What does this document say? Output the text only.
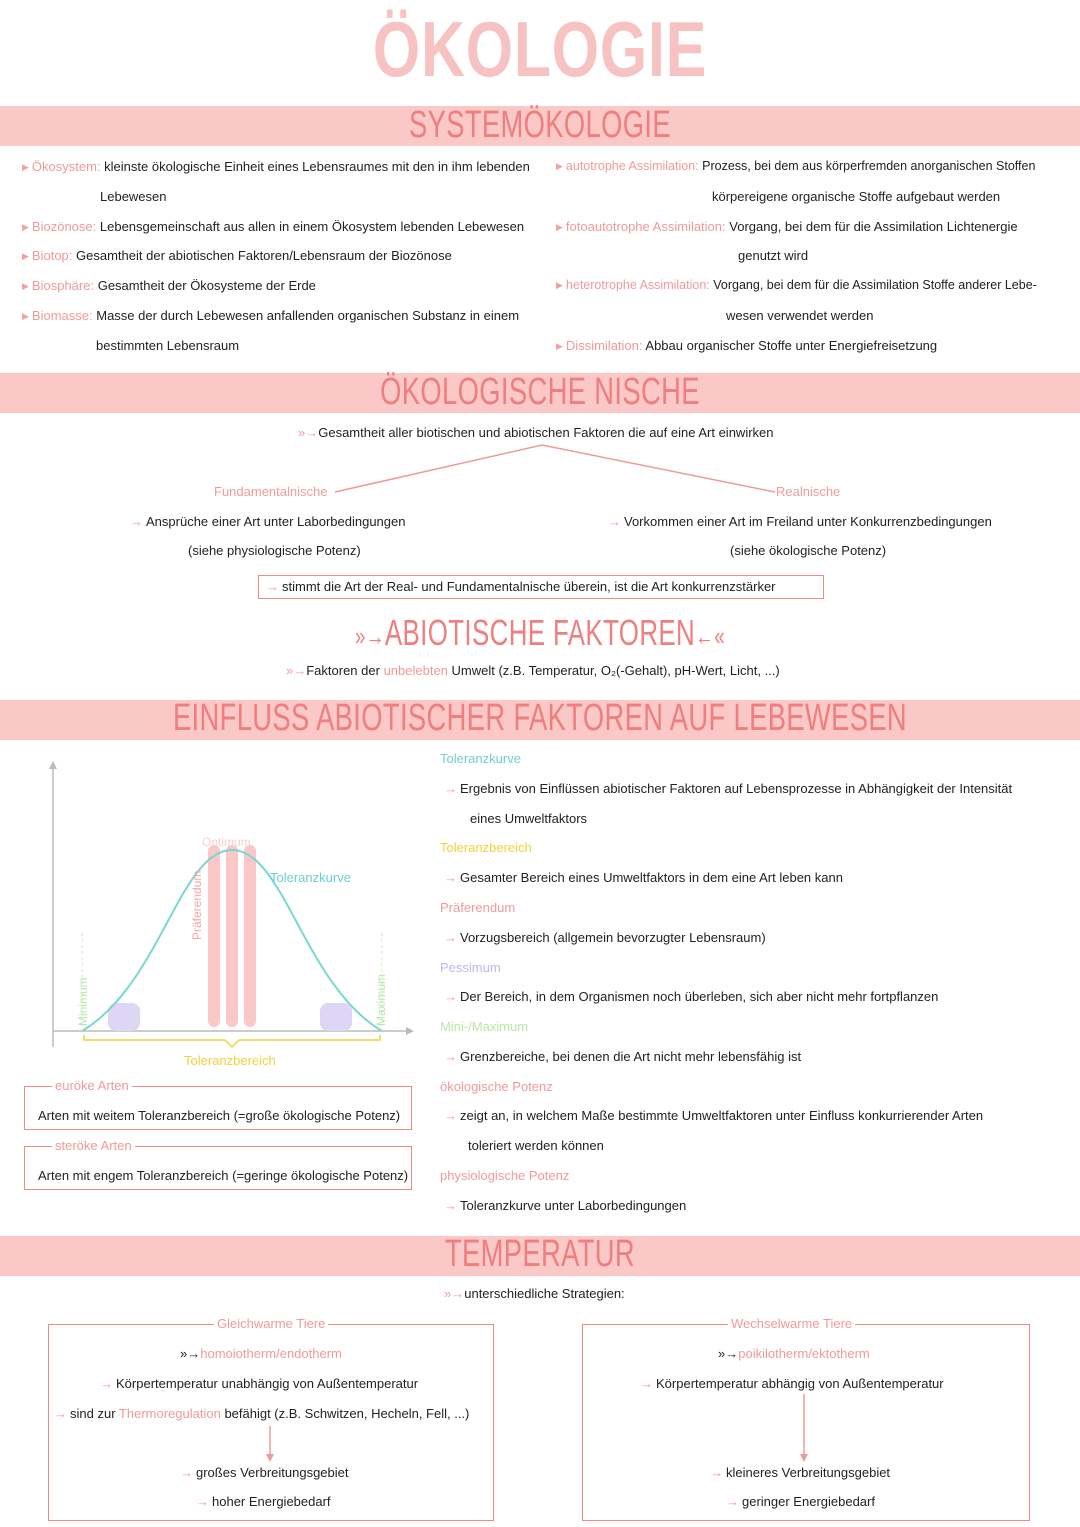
ÖKOLOGIE
SYSTEMÖKOLOGIE
▶ Ökosystem: kleinste ökologische Einheit eines Lebensraumes mit den in ihm lebenden
Lebewesen
▶ Biozönose: Lebensgemeinschaft aus allen in einem Ökosystem lebenden Lebewesen
▶ Biotop: Gesamtheit der abiotischen Faktoren/Lebensraum der Biozönose
▶ Biosphäre: Gesamtheit der Ökosysteme der Erde
▶ Biomasse: Masse der durch Lebewesen anfallenden organischen Substanz in einem
bestimmten Lebensraum
▶ autotrophe Assimilation: Prozess, bei dem aus körperfremden anorganischen Stoffen
körpereigene organische Stoffe aufgebaut werden
▶ fotoautotrophe Assimilation: Vorgang, bei dem für die Assimilation Lichtenergie
genutzt wird
▶ heterotrophe Assimilation: Vorgang, bei dem für die Assimilation Stoffe anderer Lebe-
wesen verwendet werden
▶ Dissimilation: Abbau organischer Stoffe unter Energiefreisetzung
ÖKOLOGISCHE NISCHE
»→Gesamtheit aller biotischen und abiotischen Faktoren die auf eine Art einwirken
Fundamentalnische
→ Ansprüche einer Art unter Laborbedingungen
(siehe physiologische Potenz)
Realnische
→ Vorkommen einer Art im Freiland unter Konkurrenzbedingungen
(siehe ökologische Potenz)
→ stimmt die Art der Real- und Fundamentalnische überein, ist die Art konkurrenzstärker
»→ABIOTISCHE FAKTOREN←«
»→Faktoren der unbelebten Umwelt (z.B. Temperatur, O₂(-Gehalt), pH-Wert, Licht, ...)
EINFLUSS ABIOTISCHER FAKTOREN AUF LEBEWESEN
Optimum
Toleranzkurve
Präferendum
Minimum	Maximum
Toleranzbereich
euröke Arten
Arten mit weitem Toleranzbereich (=große ökologische Potenz)
steröke Arten
Arten mit engem Toleranzbereich (=geringe ökologische Potenz)
Toleranzkurve
→ Ergebnis von Einflüssen abiotischer Faktoren auf Lebensprozesse in Abhängigkeit der Intensität
eines Umweltfaktors
Toleranzbereich
→ Gesamter Bereich eines Umweltfaktors in dem eine Art leben kann
Präferendum
→ Vorzugsbereich (allgemein bevorzugter Lebensraum)
Pessimum
→ Der Bereich, in dem Organismen noch überleben, sich aber nicht mehr fortpflanzen
Mini-/Maximum
→ Grenzbereiche, bei denen die Art nicht mehr lebensfähig ist
ökologische Potenz
→ zeigt an, in welchem Maße bestimmte Umweltfaktoren unter Einfluss konkurrierender Arten
toleriert werden können
physiologische Potenz
→ Toleranzkurve unter Laborbedingungen
TEMPERATUR
»→unterschiedliche Strategien:
Gleichwarme Tiere
»→homoiotherm/endotherm
→ Körpertemperatur unabhängig von Außentemperatur
→ sind zur Thermoregulation befähigt (z.B. Schwitzen, Hecheln, Fell, ...)
→ großes Verbreitungsgebiet
→ hoher Energiebedarf
Wechselwarme Tiere
»→poikilotherm/ektotherm
→ Körpertemperatur abhängig von Außentemperatur
→ kleineres Verbreitungsgebiet
→ geringer Energiebedarf
